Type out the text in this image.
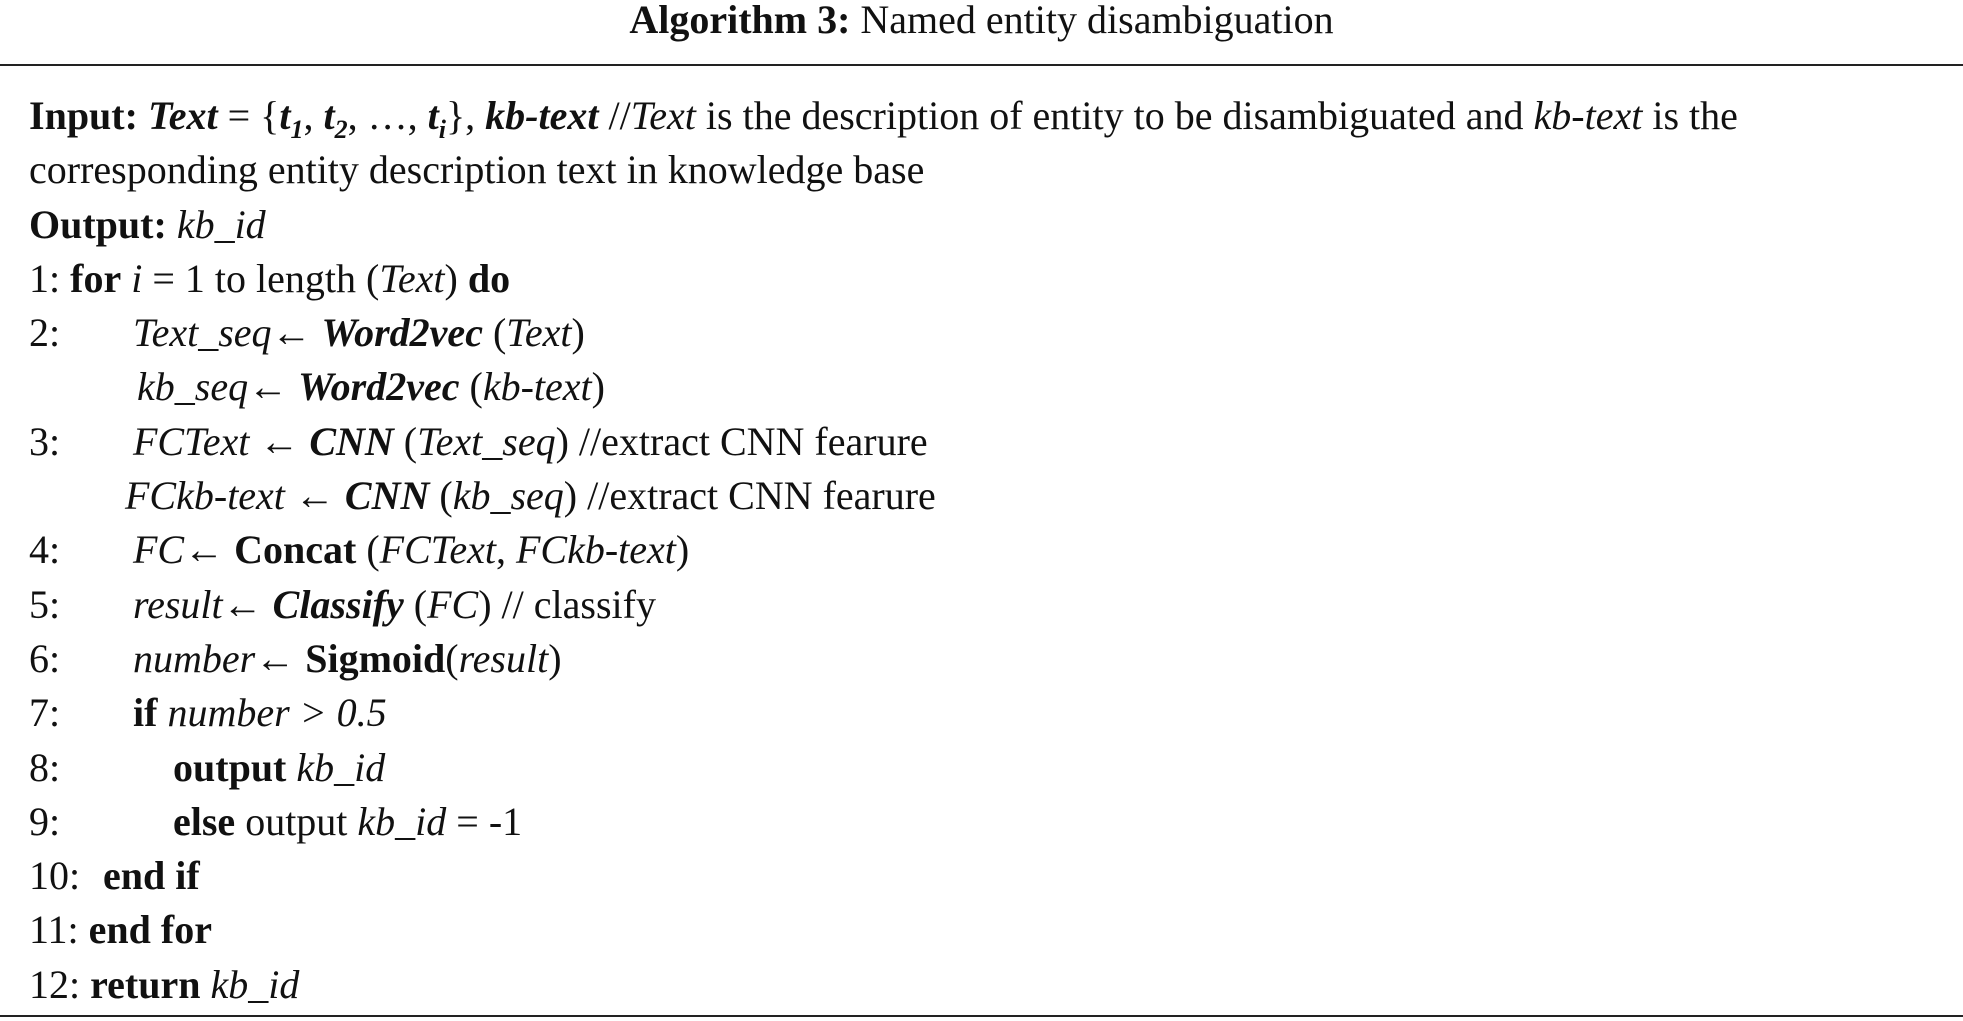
Algorithm 3: Named entity disambiguation
Input: Text = {$t_1$, $t_2$, …, $t_i$}, kb-text //Text is the description of entity to be disambiguated and kb-text is the
corresponding entity description text in knowledge base
Output: kb_id
1: for i = 1 to length (Text) do
2: Text_seq← Word2vec (Text)
kb_seq← Word2vec (kb-text)
3: FCText ← CNN (Text_seq) //extract CNN fearure
FCkb-text ← CNN (kb_seq) //extract CNN fearure
4: FC← Concat (FCText, FCkb-text)
5: result← Classify (FC) // classify
6: number← Sigmoid(result)
7: if number > 0.5
8:	output kb_id
9:	else output kb_id = -1
10: end if
11: end for
12: return kb_id
